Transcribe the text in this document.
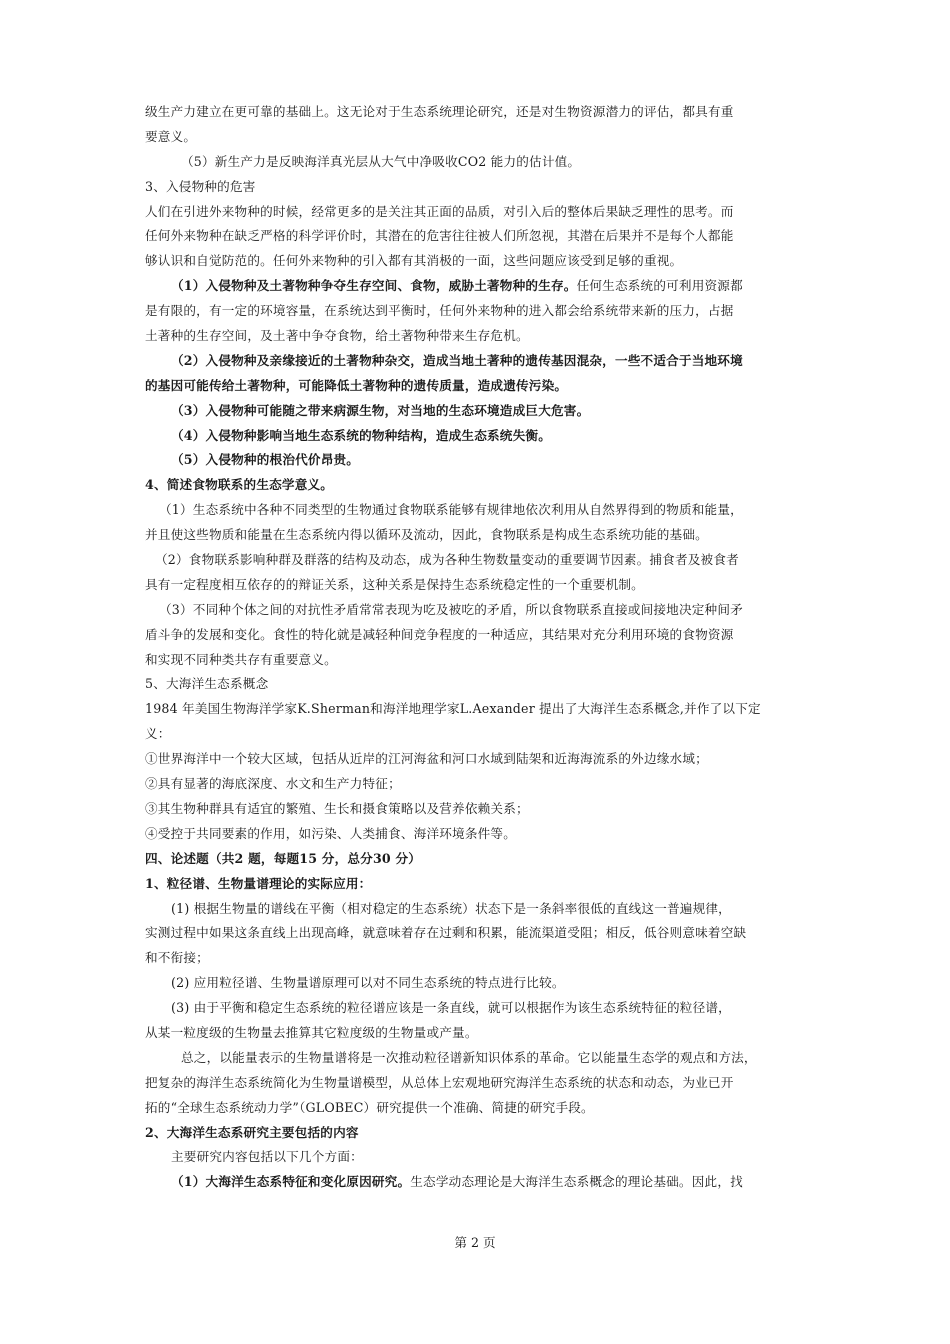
级生产力建立在更可靠的基础上。这无论对于生态系统理论研究，还是对生物资源潜力的评估，都具有重
要意义。
（5）新生产力是反映海洋真光层从大气中净吸收CO2 能力的估计值。
3、入侵物种的危害
人们在引进外来物种的时候，经常更多的是关注其正面的品质，对引入后的整体后果缺乏理性的思考。而
任何外来物种在缺乏严格的科学评价时，其潜在的危害往往被人们所忽视，其潜在后果并不是每个人都能
够认识和自觉防范的。任何外来物种的引入都有其消极的一面，这些问题应该受到足够的重视。
（1）入侵物种及土著物种争夺生存空间、食物，威胁土著物种的生存。任何生态系统的可利用资源都
是有限的，有一定的环境容量，在系统达到平衡时，任何外来物种的进入都会给系统带来新的压力，占据
土著种的生存空间，及土著中争夺食物，给土著物种带来生存危机。
（2）入侵物种及亲缘接近的土著物种杂交，造成当地土著种的遗传基因混杂，一些不适合于当地环境
的基因可能传给土著物种，可能降低土著物种的遗传质量，造成遗传污染。
（3）入侵物种可能随之带来病源生物，对当地的生态环境造成巨大危害。
（4）入侵物种影响当地生态系统的物种结构，造成生态系统失衡。
（5）入侵物种的根治代价昂贵。
4、简述食物联系的生态学意义。
（1）生态系统中各种不同类型的生物通过食物联系能够有规律地依次利用从自然界得到的物质和能量，
并且使这些物质和能量在生态系统内得以循环及流动，因此，食物联系是构成生态系统功能的基础。
（2）食物联系影响种群及群落的结构及动态，成为各种生物数量变动的重要调节因素。捕食者及被食者
具有一定程度相互依存的的辩证关系，这种关系是保持生态系统稳定性的一个重要机制。
（3）不同种个体之间的对抗性矛盾常常表现为吃及被吃的矛盾，所以食物联系直接或间接地决定种间矛
盾斗争的发展和变化。食性的特化就是减轻种间竞争程度的一种适应，其结果对充分利用环境的食物资源
和实现不同种类共存有重要意义。
5、大海洋生态系概念
1984 年美国生物海洋学家K.Sherman和海洋地理学家L.Aexander 提出了大海洋生态系概念,并作了以下定
义：
①世界海洋中一个较大区域，包括从近岸的江河海盆和河口水域到陆架和近海海流系的外边缘水域；
②具有显著的海底深度、水文和生产力特征；
③其生物种群具有适宜的繁殖、生长和摄食策略以及营养依赖关系；
④受控于共同要素的作用，如污染、人类捕食、海洋环境条件等。
四、论述题（共2 题，每题15 分，总分30 分）
1、粒径谱、生物量谱理论的实际应用：
(1) 根据生物量的谱线在平衡（相对稳定的生态系统）状态下是一条斜率很低的直线这一普遍规律，
实测过程中如果这条直线上出现高峰，就意味着存在过剩和积累，能流渠道受阻；相反，低谷则意味着空缺
和不衔接；
(2) 应用粒径谱、生物量谱原理可以对不同生态系统的特点进行比较。
(3) 由于平衡和稳定生态系统的粒径谱应该是一条直线，就可以根据作为该生态系统特征的粒径谱，
从某一粒度级的生物量去推算其它粒度级的生物量或产量。
总之，以能量表示的生物量谱将是一次推动粒径谱新知识体系的革命。它以能量生态学的观点和方法，
把复杂的海洋生态系统简化为生物量谱模型，从总体上宏观地研究海洋生态系统的状态和动态，为业已开
拓的“全球生态系统动力学”（GLOBEC）研究提供一个准确、简捷的研究手段。
2、大海洋生态系研究主要包括的内容
主要研究内容包括以下几个方面：
（1）大海洋生态系特征和变化原因研究。生态学动态理论是大海洋生态系概念的理论基础。因此，找
第 2 页
